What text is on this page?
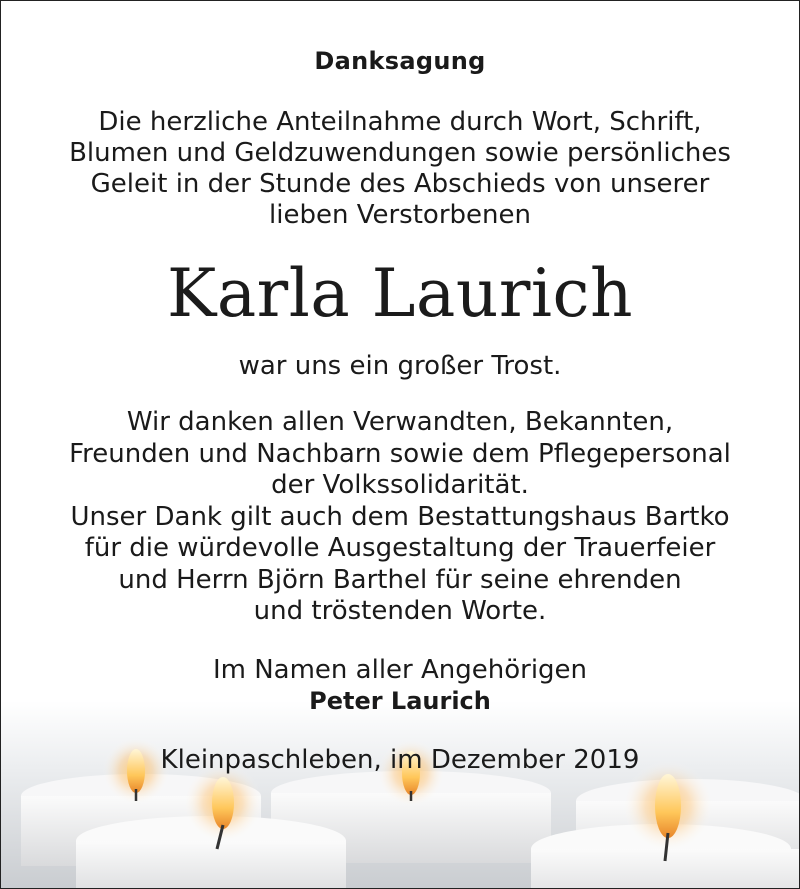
Danksagung
Die herzliche Anteilnahme durch Wort, Schrift,
Blumen und Geldzuwendungen sowie persönliches
Geleit in der Stunde des Abschieds von unserer
lieben Verstorbenen
Karla Laurich
war uns ein großer Trost.
Wir danken allen Verwandten, Bekannten,
Freunden und Nachbarn sowie dem Pflegepersonal
der Volkssolidarität.
Unser Dank gilt auch dem Bestattungshaus Bartko
für die würdevolle Ausgestaltung der Trauerfeier
und Herrn Björn Barthel für seine ehrenden
und tröstenden Worte.
Im Namen aller Angehörigen
Peter Laurich
Kleinpaschleben, im Dezember 2019
